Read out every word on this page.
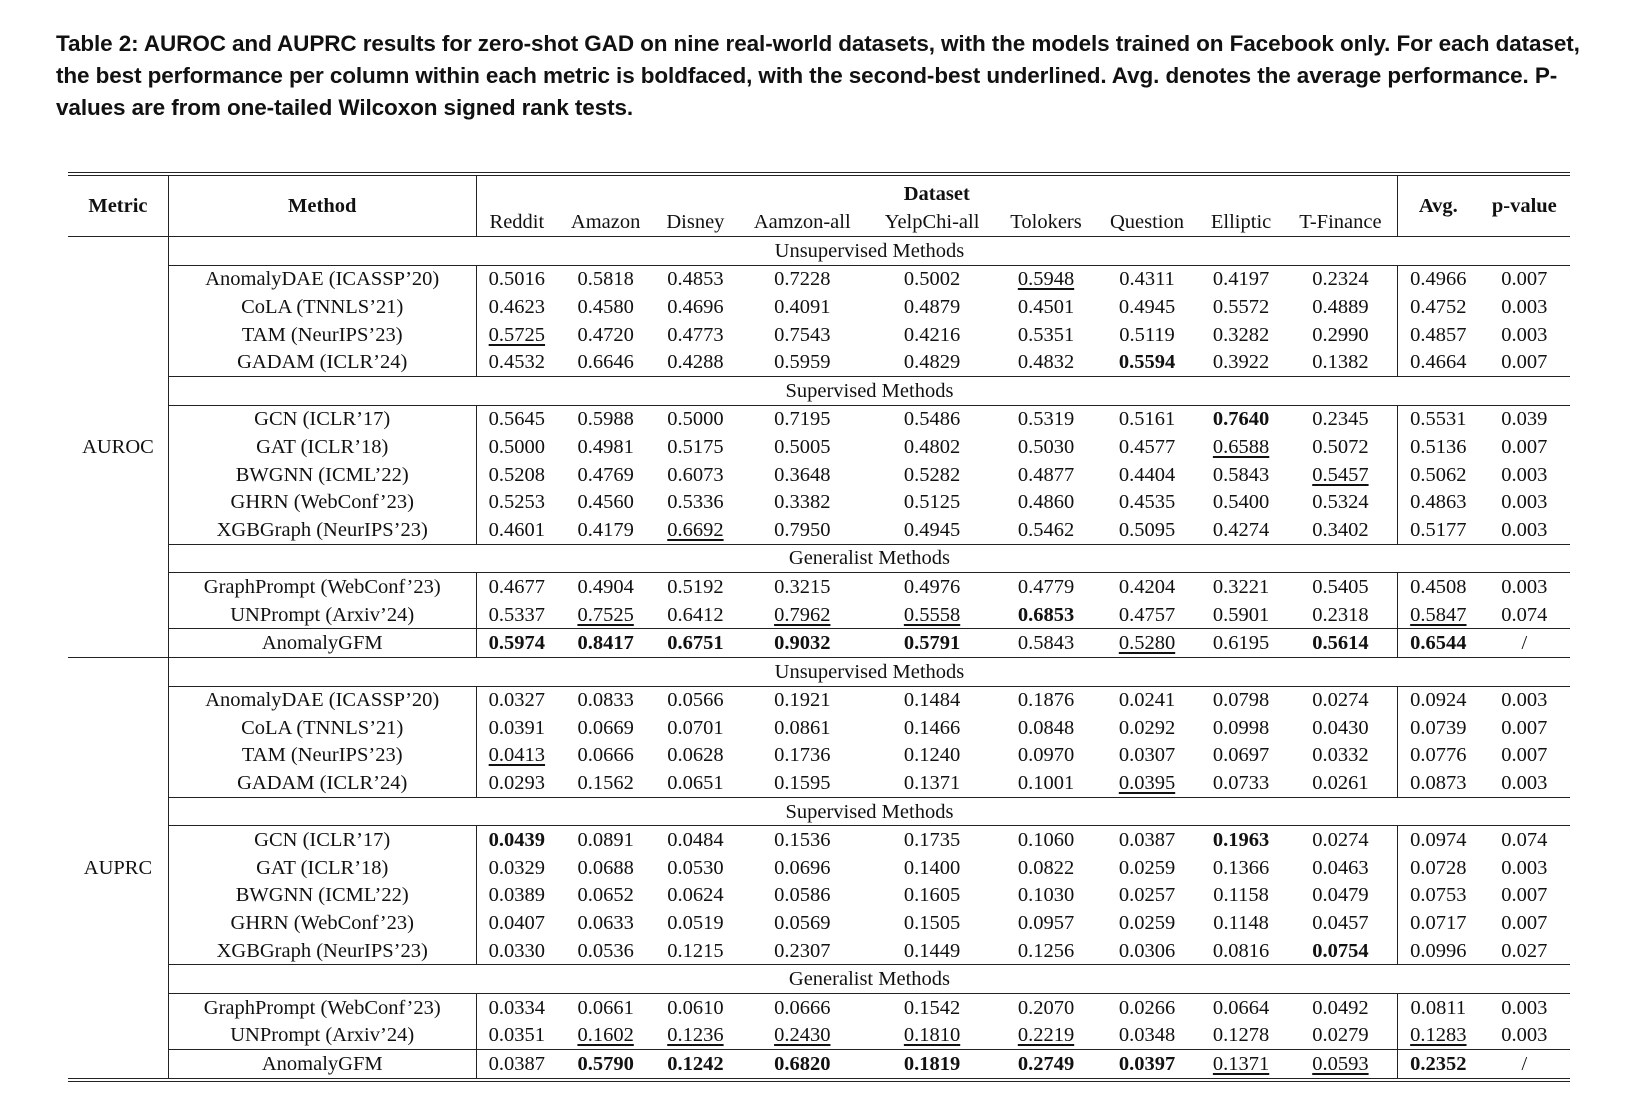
Table 2: AUROC and AUPRC results for zero-shot GAD on nine real-world datasets, with the models trained on Facebook only. For each dataset, the best performance per column within each metric is boldfaced, with the second-best underlined. Avg. denotes the average performance. P-values are from one-tailed Wilcoxon signed rank tests.

Metric	Method	Dataset									Avg.	p-value
		Reddit	Amazon	Disney	Aamzon-all	YelpChi-all	Tolokers	Question	Elliptic	T-Finance		
AUROC	Unsupervised Methods											
	AnomalyDAE (ICASSP’20)	0.5016	0.5818	0.4853	0.7228	0.5002	0.5948	0.4311	0.4197	0.2324	0.4966	0.007
	CoLA (TNNLS’21)	0.4623	0.4580	0.4696	0.4091	0.4879	0.4501	0.4945	0.5572	0.4889	0.4752	0.003
	TAM (NeurIPS’23)	0.5725	0.4720	0.4773	0.7543	0.4216	0.5351	0.5119	0.3282	0.2990	0.4857	0.003
	GADAM (ICLR’24)	0.4532	0.6646	0.4288	0.5959	0.4829	0.4832	0.5594	0.3922	0.1382	0.4664	0.007
	Supervised Methods											
	GCN (ICLR’17)	0.5645	0.5988	0.5000	0.7195	0.5486	0.5319	0.5161	0.7640	0.2345	0.5531	0.039
	GAT (ICLR’18)	0.5000	0.4981	0.5175	0.5005	0.4802	0.5030	0.4577	0.6588	0.5072	0.5136	0.007
	BWGNN (ICML’22)	0.5208	0.4769	0.6073	0.3648	0.5282	0.4877	0.4404	0.5843	0.5457	0.5062	0.003
	GHRN (WebConf’23)	0.5253	0.4560	0.5336	0.3382	0.5125	0.4860	0.4535	0.5400	0.5324	0.4863	0.003
	XGBGraph (NeurIPS’23)	0.4601	0.4179	0.6692	0.7950	0.4945	0.5462	0.5095	0.4274	0.3402	0.5177	0.003
	Generalist Methods											
	GraphPrompt (WebConf’23)	0.4677	0.4904	0.5192	0.3215	0.4976	0.4779	0.4204	0.3221	0.5405	0.4508	0.003
	UNPrompt (Arxiv’24)	0.5337	0.7525	0.6412	0.7962	0.5558	0.6853	0.4757	0.5901	0.2318	0.5847	0.074
	AnomalyGFM	0.5974	0.8417	0.6751	0.9032	0.5791	0.5843	0.5280	0.6195	0.5614	0.6544	/
AUPRC	Unsupervised Methods											
	AnomalyDAE (ICASSP’20)	0.0327	0.0833	0.0566	0.1921	0.1484	0.1876	0.0241	0.0798	0.0274	0.0924	0.003
	CoLA (TNNLS’21)	0.0391	0.0669	0.0701	0.0861	0.1466	0.0848	0.0292	0.0998	0.0430	0.0739	0.007
	TAM (NeurIPS’23)	0.0413	0.0666	0.0628	0.1736	0.1240	0.0970	0.0307	0.0697	0.0332	0.0776	0.007
	GADAM (ICLR’24)	0.0293	0.1562	0.0651	0.1595	0.1371	0.1001	0.0395	0.0733	0.0261	0.0873	0.003
	Supervised Methods											
	GCN (ICLR’17)	0.0439	0.0891	0.0484	0.1536	0.1735	0.1060	0.0387	0.1963	0.0274	0.0974	0.074
	GAT (ICLR’18)	0.0329	0.0688	0.0530	0.0696	0.1400	0.0822	0.0259	0.1366	0.0463	0.0728	0.003
	BWGNN (ICML’22)	0.0389	0.0652	0.0624	0.0586	0.1605	0.1030	0.0257	0.1158	0.0479	0.0753	0.007
	GHRN (WebConf’23)	0.0407	0.0633	0.0519	0.0569	0.1505	0.0957	0.0259	0.1148	0.0457	0.0717	0.007
	XGBGraph (NeurIPS’23)	0.0330	0.0536	0.1215	0.2307	0.1449	0.1256	0.0306	0.0816	0.0754	0.0996	0.027
	Generalist Methods											
	GraphPrompt (WebConf’23)	0.0334	0.0661	0.0610	0.0666	0.1542	0.2070	0.0266	0.0664	0.0492	0.0811	0.003
	UNPrompt (Arxiv’24)	0.0351	0.1602	0.1236	0.2430	0.1810	0.2219	0.0348	0.1278	0.0279	0.1283	0.003
	AnomalyGFM	0.0387	0.5790	0.1242	0.6820	0.1819	0.2749	0.0397	0.1371	0.0593	0.2352	/
